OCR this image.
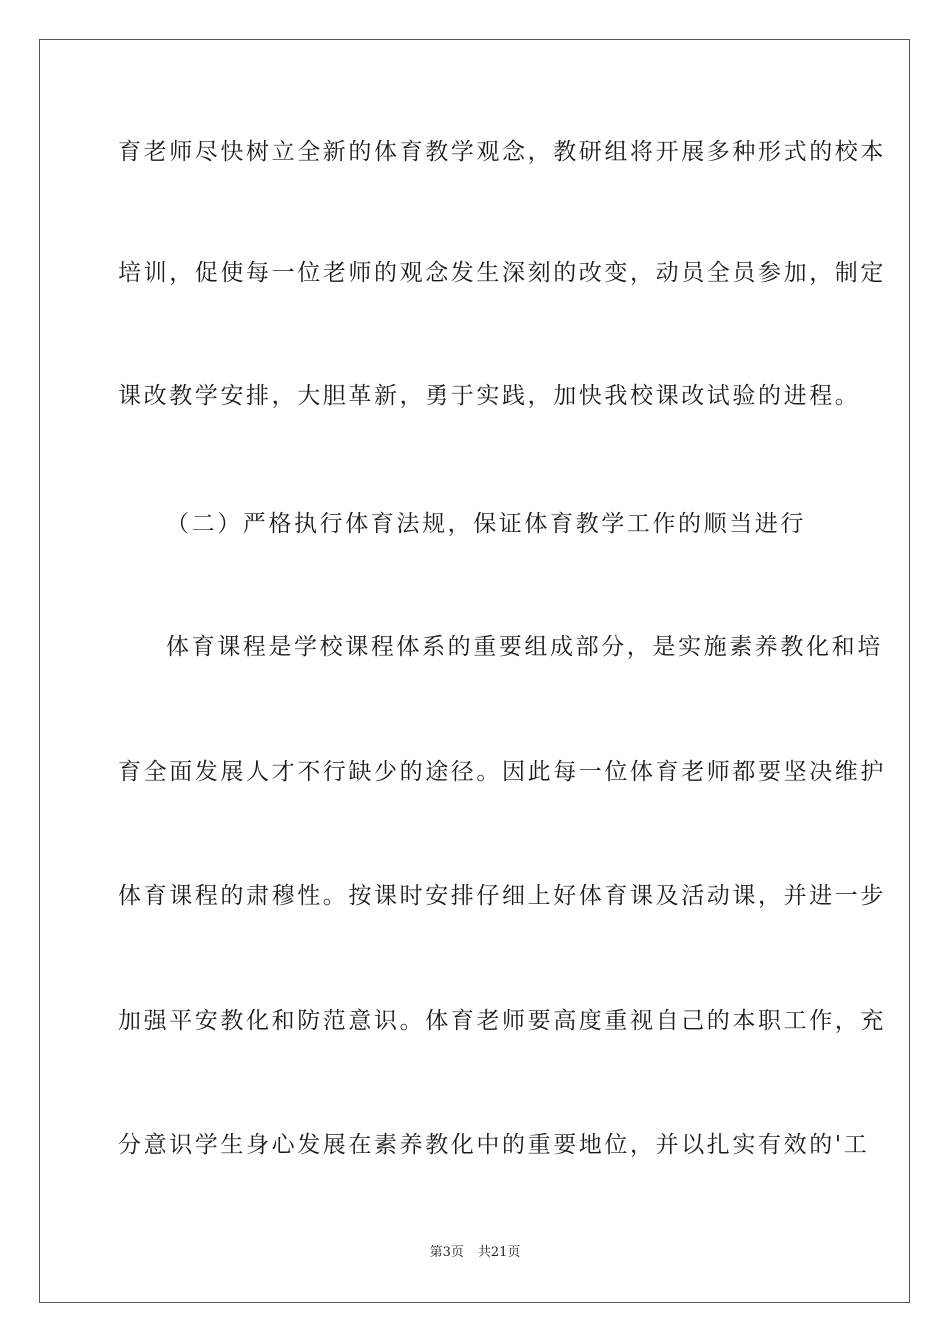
育老师尽快树立全新的体育教学观念，教研组将开展多种形式的校本
培训，促使每一位老师的观念发生深刻的改变，动员全员参加，制定
课改教学安排，大胆革新，勇于实践，加快我校课改试验的进程。
（二）严格执行体育法规，保证体育教学工作的顺当进行
体育课程是学校课程体系的重要组成部分，是实施素养教化和培
育全面发展人才不行缺少的途径。因此每一位体育老师都要坚决维护
体育课程的肃穆性。按课时安排仔细上好体育课及活动课，并进一步
加强平安教化和防范意识。体育老师要高度重视自己的本职工作，充
分意识学生身心发展在素养教化中的重要地位，并以扎实有效的'工
第3页 共21页
